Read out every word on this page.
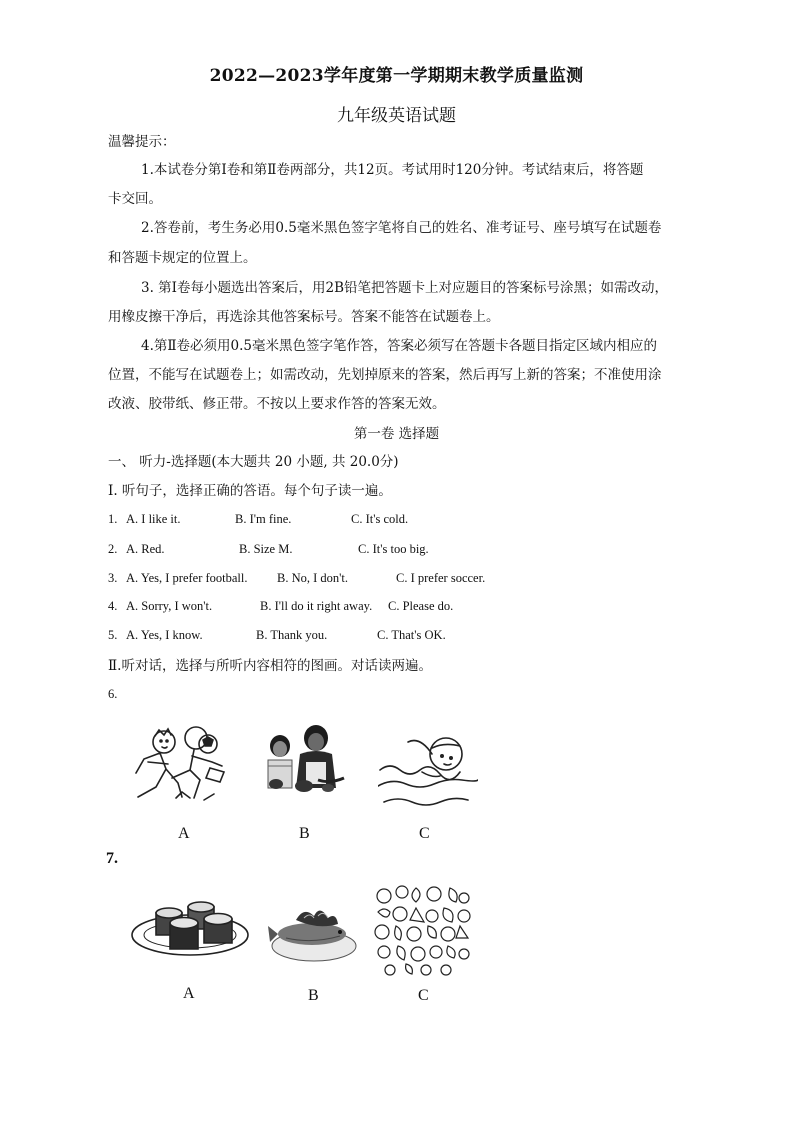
2022—2023学年度第一学期期末教学质量监测
九年级英语试题
温馨提示：
1.本试卷分第Ⅰ卷和第Ⅱ卷两部分，共12页。考试用时120分钟。考试结束后，将答题
卡交回。
2.答卷前，考生务必用0.5毫米黑色签字笔将自己的姓名、准考证号、座号填写在试题卷
和答题卡规定的位置上。
3. 第Ⅰ卷每小题选出答案后，用2B铅笔把答题卡上对应题目的答案标号涂黑；如需改动，
用橡皮擦干净后，再选涂其他答案标号。答案不能答在试题卷上。
4.第Ⅱ卷必须用0.5毫米黑色签字笔作答，答案必须写在答题卡各题目指定区域内相应的
位置，不能写在试题卷上；如需改动，先划掉原来的答案，然后再写上新的答案；不准使用涂
改液、胶带纸、修正带。不按以上要求作答的答案无效。
第一卷 选择题
一、 听力-选择题(本大题共 20 小题, 共 20.0分)
Ⅰ. 听句子，选择正确的答语。每个句子读一遍。
1. A. I like it.	B. I'm fine.	C. It's cold.
2. A. Red.	B. Size M.	C. It's too big.
3. A. Yes, I prefer football. B. No, I don't.	C. I prefer soccer.
4. A. Sorry, I won't.	B. I'll do it right away. C. Please do.
5. A. Yes, I know.	B. Thank you.	C. That's OK.
Ⅱ.听对话，选择与所听内容相符的图画。对话读两遍。
6.
A	B	C
7.
A	B	C
